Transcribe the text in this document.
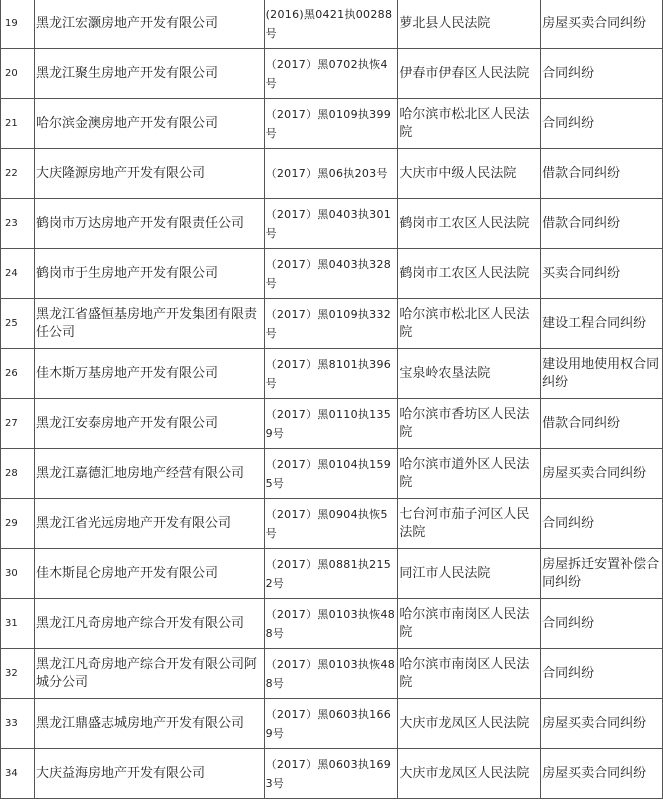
19	黑龙江宏灏房地产开发有限公司	(2016)黑0421执00288号	萝北县人民法院	房屋买卖合同纠纷
20	黑龙江聚生房地产开发有限公司	（2017）黑0702执恢4号	伊春市伊春区人民法院	合同纠纷
21	哈尔滨金澳房地产开发有限公司	（2017）黑0109执399号	哈尔滨市松北区人民法院	合同纠纷
22	大庆隆源房地产开发有限公司	（2017）黑06执203号	大庆市中级人民法院	借款合同纠纷
23	鹤岗市万达房地产开发有限责任公司	（2017）黑0403执301号	鹤岗市工农区人民法院	借款合同纠纷
24	鹤岗市于生房地产开发有限公司	（2017）黑0403执328号	鹤岗市工农区人民法院	买卖合同纠纷
25	黑龙江省盛恒基房地产开发集团有限责任公司	（2017）黑0109执332号	哈尔滨市松北区人民法院	建设工程合同纠纷
26	佳木斯万基房地产开发有限公司	（2017）黑8101执396号	宝泉岭农垦法院	建设用地使用权合同纠纷
27	黑龙江安泰房地产开发有限公司	（2017）黑0110执1359号	哈尔滨市香坊区人民法院	借款合同纠纷
28	黑龙江嘉德汇地房地产经营有限公司	（2017）黑0104执1595号	哈尔滨市道外区人民法院	房屋买卖合同纠纷
29	黑龙江省光远房地产开发有限公司	（2017）黑0904执恢5号	七台河市茄子河区人民法院	合同纠纷
30	佳木斯昆仑房地产开发有限公司	（2017）黑0881执2152号	同江市人民法院	房屋拆迁安置补偿合同纠纷
31	黑龙江凡奇房地产综合开发有限公司	（2017）黑0103执恢488号	哈尔滨市南岗区人民法院	合同纠纷
32	黑龙江凡奇房地产综合开发有限公司阿城分公司	（2017）黑0103执恢488号	哈尔滨市南岗区人民法院	合同纠纷
33	黑龙江鼎盛志城房地产开发有限公司	（2017）黑0603执1669号	大庆市龙凤区人民法院	房屋买卖合同纠纷
34	大庆益海房地产开发有限公司	（2017）黑0603执1693号	大庆市龙凤区人民法院	房屋买卖合同纠纷
